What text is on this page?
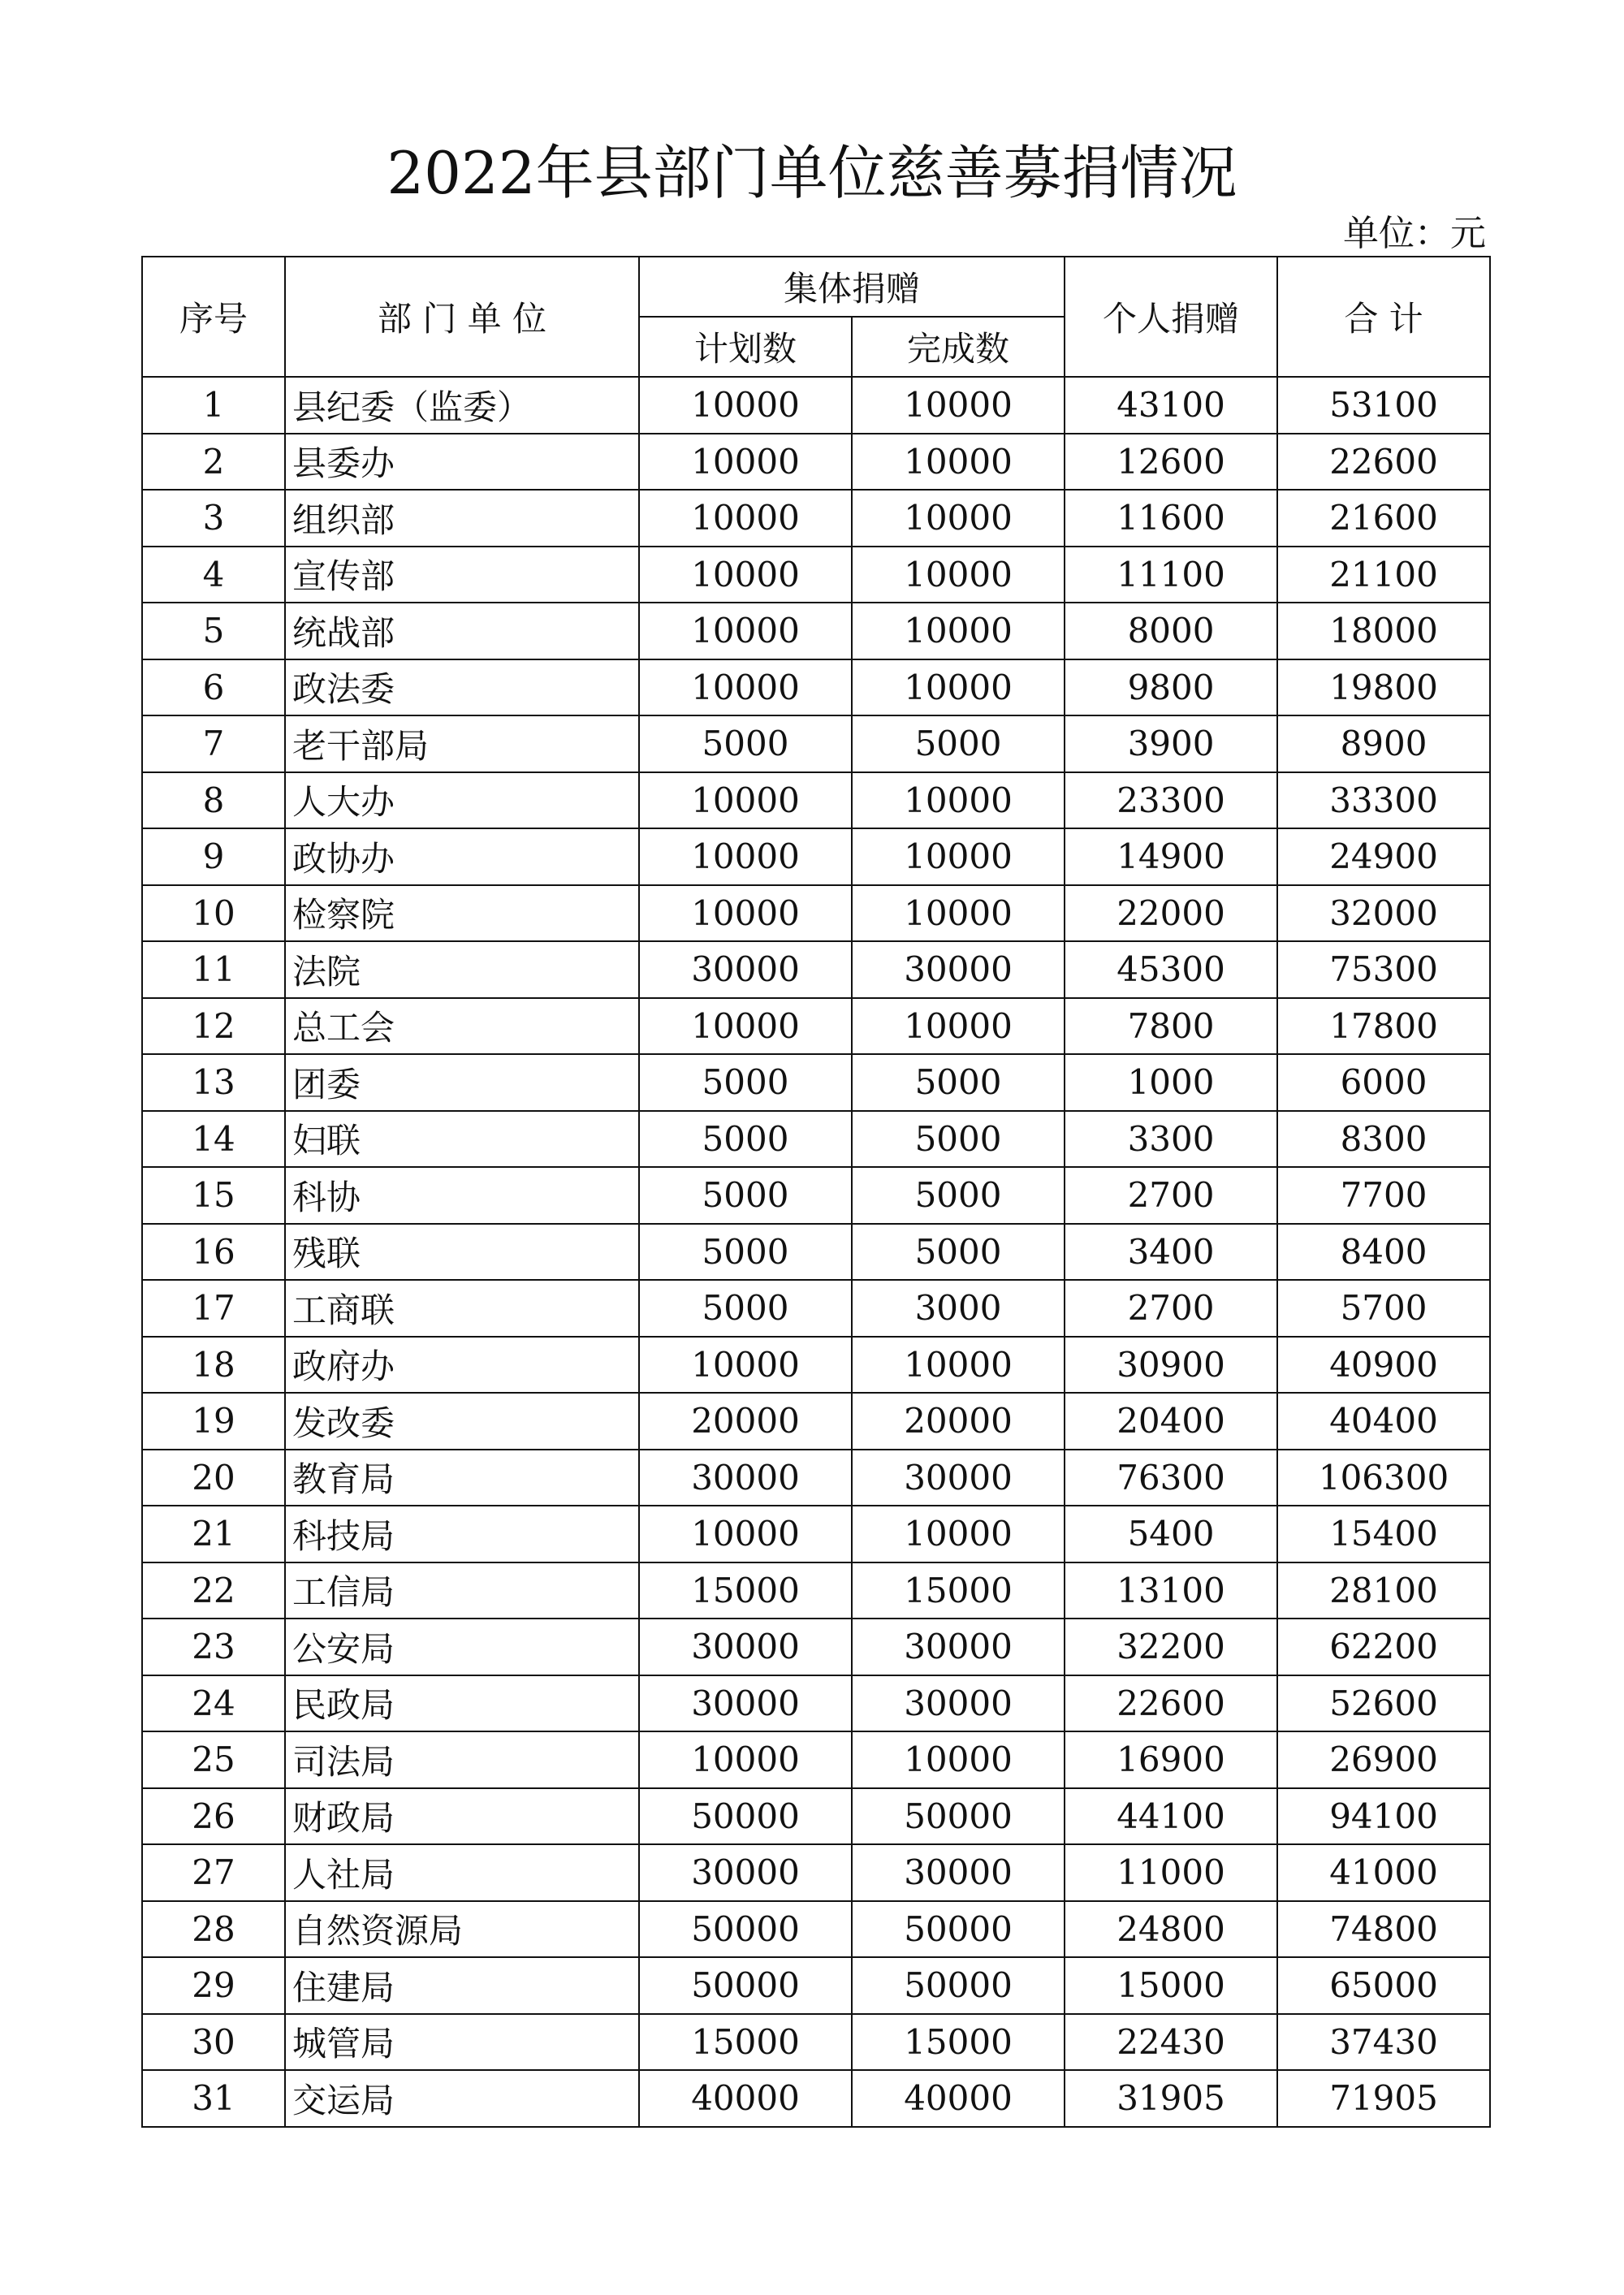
2022年县部门单位慈善募捐情况
单位：元
序号	部 门 单 位	集体捐赠		个人捐赠	合 计
		计划数	完成数		
1	县纪委（监委）	10000	10000	43100	53100
2	县委办	10000	10000	12600	22600
3	组织部	10000	10000	11600	21600
4	宣传部	10000	10000	11100	21100
5	统战部	10000	10000	8000	18000
6	政法委	10000	10000	9800	19800
7	老干部局	5000	5000	3900	8900
8	人大办	10000	10000	23300	33300
9	政协办	10000	10000	14900	24900
10	检察院	10000	10000	22000	32000
11	法院	30000	30000	45300	75300
12	总工会	10000	10000	7800	17800
13	团委	5000	5000	1000	6000
14	妇联	5000	5000	3300	8300
15	科协	5000	5000	2700	7700
16	残联	5000	5000	3400	8400
17	工商联	5000	3000	2700	5700
18	政府办	10000	10000	30900	40900
19	发改委	20000	20000	20400	40400
20	教育局	30000	30000	76300	106300
21	科技局	10000	10000	5400	15400
22	工信局	15000	15000	13100	28100
23	公安局	30000	30000	32200	62200
24	民政局	30000	30000	22600	52600
25	司法局	10000	10000	16900	26900
26	财政局	50000	50000	44100	94100
27	人社局	30000	30000	11000	41000
28	自然资源局	50000	50000	24800	74800
29	住建局	50000	50000	15000	65000
30	城管局	15000	15000	22430	37430
31	交运局	40000	40000	31905	71905
